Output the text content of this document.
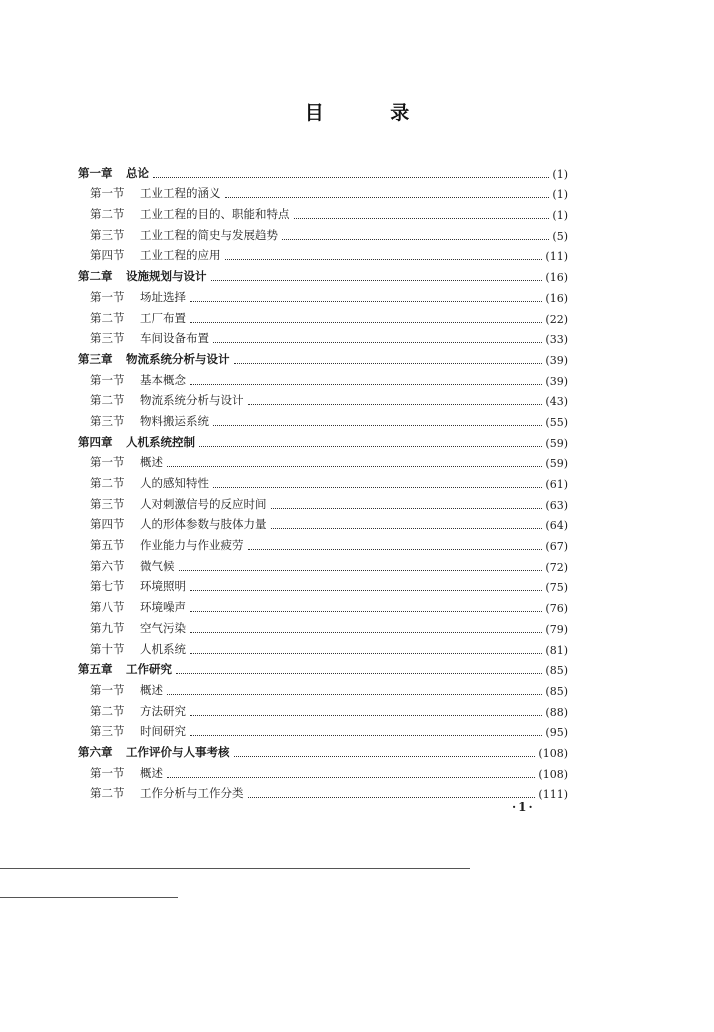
目 录
第一章	总论	(1)
第一节	工业工程的涵义	(1)
第二节	工业工程的目的、职能和特点	(1)
第三节	工业工程的简史与发展趋势	(5)
第四节	工业工程的应用	(11)
第二章	设施规划与设计	(16)
第一节	场址选择	(16)
第二节	工厂布置	(22)
第三节	车间设备布置	(33)
第三章	物流系统分析与设计	(39)
第一节	基本概念	(39)
第二节	物流系统分析与设计	(43)
第三节	物料搬运系统	(55)
第四章	人机系统控制	(59)
第一节	概述	(59)
第二节	人的感知特性	(61)
第三节	人对刺激信号的反应时间	(63)
第四节	人的形体参数与肢体力量	(64)
第五节	作业能力与作业疲劳	(67)
第六节	微气候	(72)
第七节	环境照明	(75)
第八节	环境噪声	(76)
第九节	空气污染	(79)
第十节	人机系统	(81)
第五章	工作研究	(85)
第一节	概述	(85)
第二节	方法研究	(88)
第三节	时间研究	(95)
第六章	工作评价与人事考核	(108)
第一节	概述	(108)
第二节	工作分析与工作分类	(111)
·1·
